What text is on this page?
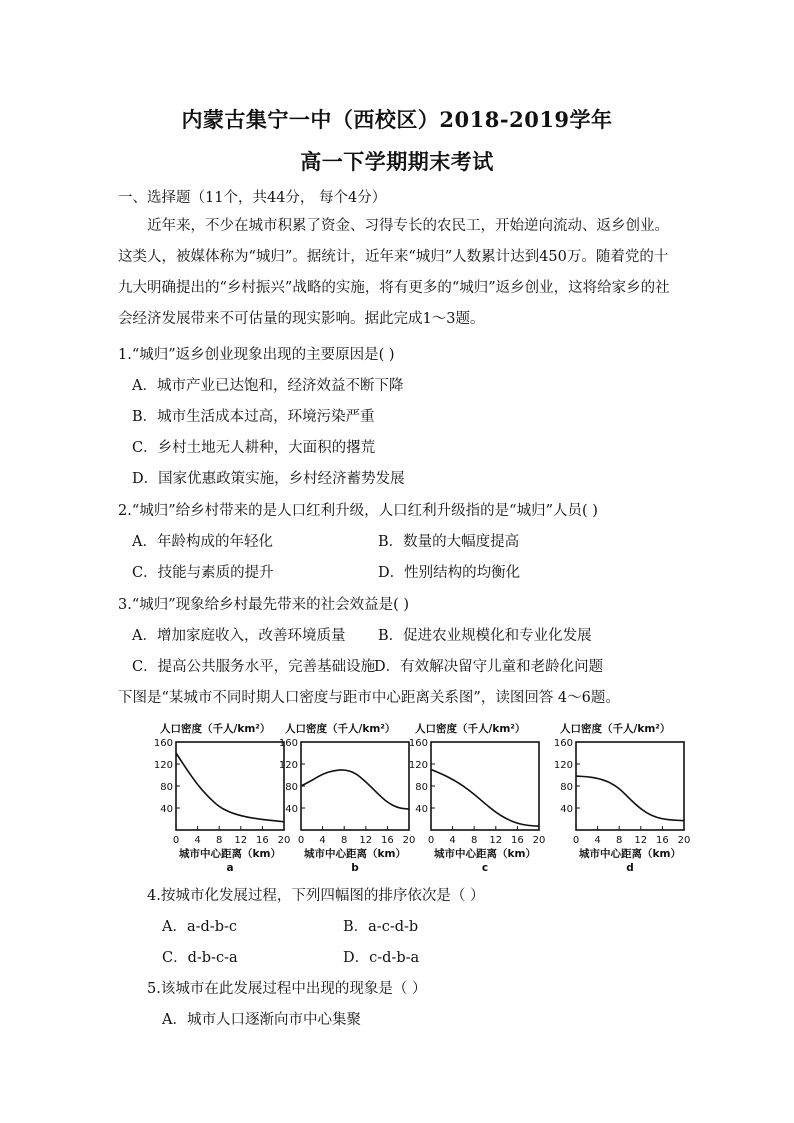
内蒙古集宁一中（西校区）2018-2019学年
高一下学期期末考试
一、选择题（11个，共44分， 每个4分）
近年来，不少在城市积累了资金、习得专长的农民工，开始逆向流动、返乡创业。这类人，被媒体称为“城归”。据统计，近年来“城归”人数累计达到450万。随着党的十九大明确提出的“乡村振兴”战略的实施，将有更多的“城归”返乡创业，这将给家乡的社会经济发展带来不可估量的现实影响。据此完成1～3题。
1.“城归”返乡创业现象出现的主要原因是( )
A．城市产业已达饱和，经济效益不断下降
B．城市生活成本过高，环境污染严重
C．乡村土地无人耕种，大面积的撂荒
D．国家优惠政策实施，乡村经济蓄势发展
2.“城归”给乡村带来的是人口红利升级，人口红利升级指的是“城归”人员( )
A．年龄构成的年轻化	B．数量的大幅度提高
C．技能与素质的提升	D．性别结构的均衡化
3.“城归”现象给乡村最先带来的社会效益是( )
A．增加家庭收入，改善环境质量 B．促进农业规模化和专业化发展
C．提高公共服务水平，完善基础设施
D．有效解决留守儿童和老龄化问题
下图是“某城市不同时期人口密度与距市中心距离关系图”，读图回答 4～6题。
人口密度（千人/km²）
40
80
120
160
0 4 8 12 16 20
城市中心距离（km）
a
人口密度（千人/km²）
40
80
120
160
0 4 8 12 16 20
城市中心距离（km）
b
人口密度（千人/km²）
40
80
120
160
0 4 8 12 16 20
城市中心距离（km）
c
人口密度（千人/km²）
40
80
120
160
0 4 8 12 16 20
城市中心距离（km）
d
4.按城市化发展过程，下列四幅图的排序依次是（ ）
A．a-d-b-c	B．a-c-d-b
C．d-b-c-a	D．c-d-b-a
5.该城市在此发展过程中出现的现象是（ ）
A．城市人口逐渐向市中心集聚
